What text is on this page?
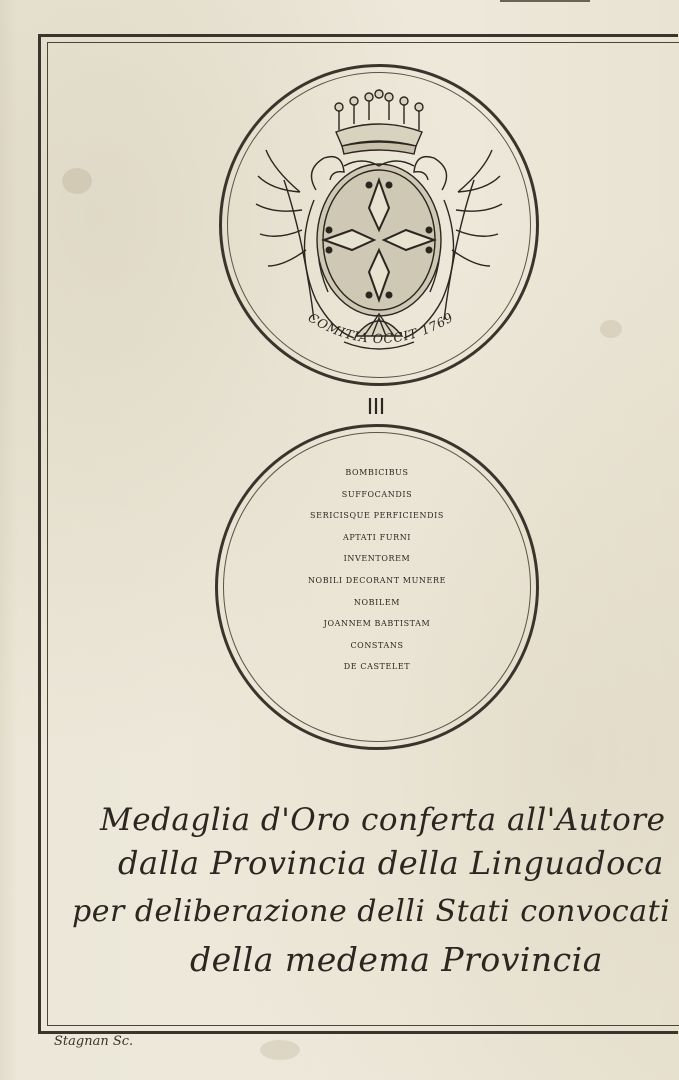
COMITIA OCCIT 1769
BOMBICIBUS
SUFFOCANDIS
SERICISQUE PERFICIENDIS
APTATI FURNI
INVENTOREM
NOBILI DECORANT MUNERE
NOBILEM
JOANNEM BABTISTAM
CONSTANS
DE CASTELET
Medaglia d'Oro conferta all'Autore
dalla Provincia della Linguadoca
per deliberazione delli Stati convocati
della medema Provincia
Stagnan Sc.
